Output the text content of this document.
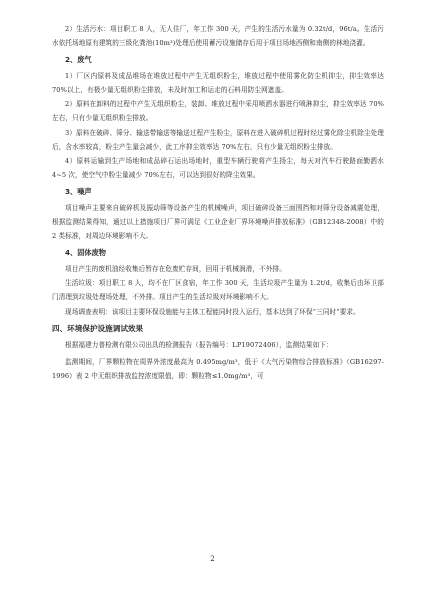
2）生活污水：项目职工 8 人，无人住厂，年工作 300 天，产生的生活污水量为 0.32t/d，96t/a。生活污水依托场地原有建筑的三级化粪池(10m³)处理后使用蓄污设施储存后用于项目场地西侧和南侧的林地浇灌。

2、废气

1）厂区内原料及成品堆场在堆放过程中产生无组织粉尘，堆放过程中使用雾化防尘机抑尘，抑尘效率达 70%以上，有极少量无组织粉尘排放，未及时加工和运走的石料用防尘网遮盖。

2）原料在卸料的过程中产生无组织粉尘，装卸、堆放过程中采用喷洒水器进行喷淋抑尘，抑尘效率达 70%左右，只有少量无组织粉尘排放。

3）原料在破碎、筛分、输送带输送等输送过程产生粉尘，原料在进入破碎机过程时经过雾化除尘机除尘处理后，含水率较高，粉尘产生量会减少，此工序抑尘效率达 70%左右，只有少量无组织粉尘排放。

4）原料运输到生产场地和成品碎石运出场地时，重型车辆行驶将产生扬尘，每天对汽车行驶路面勤洒水 4~5 次，使空气中粉尘量减少 70%左右，可以达到很好的降尘效果。

3、噪声

项目噪声主要来自破碎机及振动筛等设备产生的机械噪声，项目破碎设备三面围挡和对筛分设备减震处理，根据监测结果得知，通过以上措施项目厂界可满足《工业企业厂界环境噪声排放标准》（GB12348-2008）中的 2 类标准，对周边环境影响不大。

4、固体废物

项目产生的废机油经收集后暂存在危废贮存间，回用于机械润滑，不外排。

生活垃圾：项目职工 8 人，均不在厂区食宿，年工作 300 天，生活垃圾产生量为 1.2t/d，收集后由环卫部门清理到垃圾处理场处理，不外排。项目产生的生活垃圾对环境影响不大。

现场调查表明：该项目主要环保设施能与主体工程能同时投入运行，基本达到了环保“三同时”要求。

四、环境保护设施调试效果

根据福建力普检测有限公司出具的检测报告（报告编号：LP19072406），监测结果如下：

监测期间，厂界颗粒物在周界外浓度最高为 0.495mg/m³，低于《大气污染物综合排放标准》（GB16297-1996）表 2 中无组织排放监控浓度限值，即：颗粒物≤1.0mg/m³，可

2
